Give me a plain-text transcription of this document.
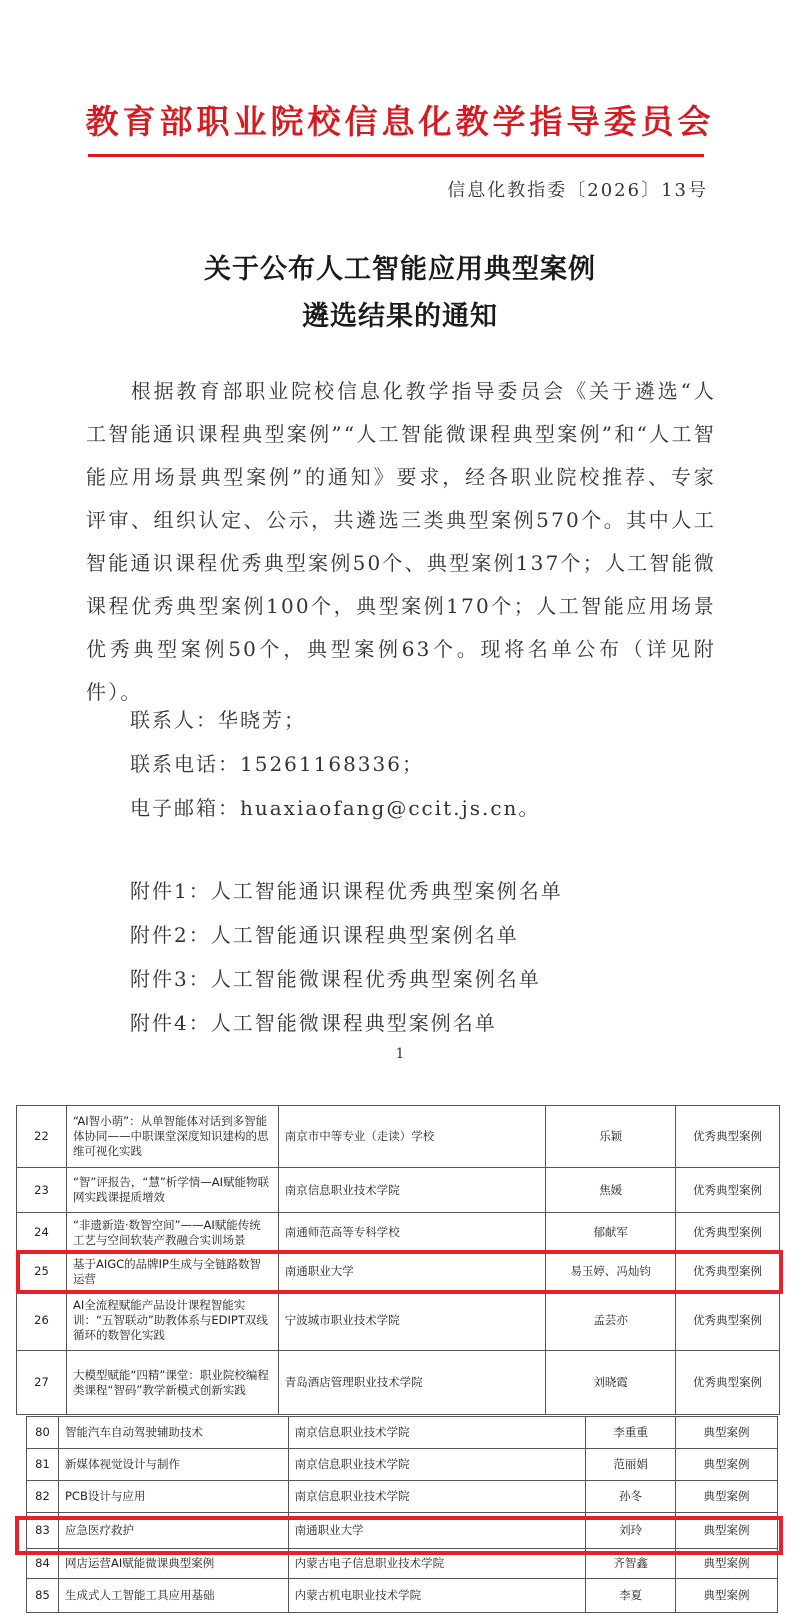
教育部职业院校信息化教学指导委员会
信息化教指委〔2026〕13号
关于公布人工智能应用典型案例
遴选结果的通知
根据教育部职业院校信息化教学指导委员会《关于遴选“人工智能通识课程典型案例”“人工智能微课程典型案例”和“人工智能应用场景典型案例”的通知》要求，经各职业院校推荐、专家评审、组织认定、公示，共遴选三类典型案例570个。其中人工智能通识课程优秀典型案例50个、典型案例137个；人工智能微课程优秀典型案例100个，典型案例170个；人工智能应用场景优秀典型案例50个，典型案例63个。现将名单公布（详见附件）。
联系人：华晓芳；
联系电话：15261168336；
电子邮箱：huaxiaofang@ccit.js.cn。
附件1：人工智能通识课程优秀典型案例名单
附件2：人工智能通识课程典型案例名单
附件3：人工智能微课程优秀典型案例名单
附件4：人工智能微课程典型案例名单
1
22	“AI智小萌”：从单智能体对话到多智能体协同——中职课堂深度知识建构的思维可视化实践	南京市中等专业（走读）学校	乐颖	优秀典型案例
23	“智”评报告，“慧”析学情—AI赋能物联网实践课提质增效	南京信息职业技术学院	焦媛	优秀典型案例
24	“非遗新造·数智空间”——AI赋能传统工艺与空间软装产教融合实训场景	南通师范高等专科学校	郁献军	优秀典型案例
25	基于AIGC的品牌IP生成与全链路数智运营	南通职业大学	易玉婷、冯灿钧	优秀典型案例
26	AI全流程赋能产品设计课程智能实训：“五智联动”助教体系与EDIPT双线循环的数智化实践	宁波城市职业技术学院	孟芸亦	优秀典型案例
27	大模型赋能“四精”课堂：职业院校编程类课程“智码”教学新模式创新实践	青岛酒店管理职业技术学院	刘晓霞	优秀典型案例
80	智能汽车自动驾驶辅助技术	南京信息职业技术学院	李重重	典型案例
81	新媒体视觉设计与制作	南京信息职业技术学院	范丽娟	典型案例
82	PCB设计与应用	南京信息职业技术学院	孙冬	典型案例
83	应急医疗救护	南通职业大学	刘玲	典型案例
84	网店运营AI赋能微课典型案例	内蒙古电子信息职业技术学院	齐智鑫	典型案例
85	生成式人工智能工具应用基础	内蒙古机电职业技术学院	李夏	典型案例
